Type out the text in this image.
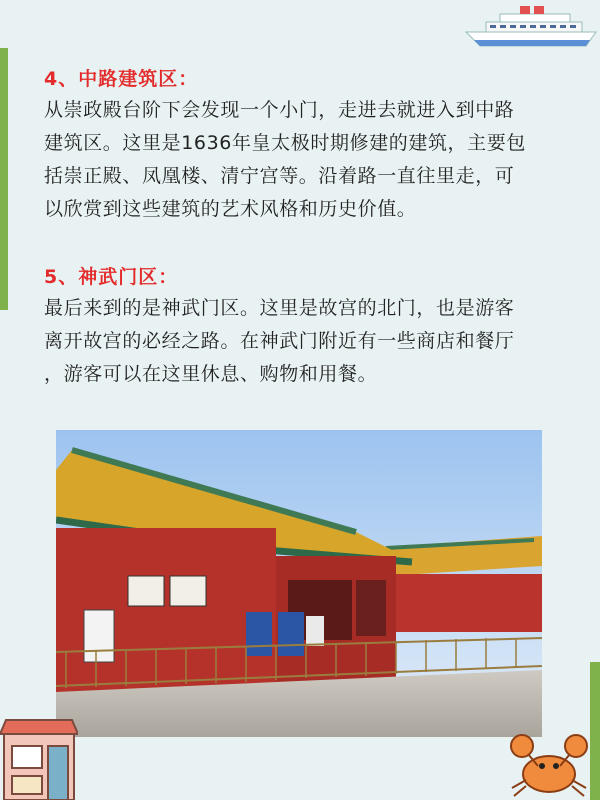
4、中路建筑区：
从崇政殿台阶下会发现一个小门，走进去就进入到中路
建筑区。这里是1636年皇太极时期修建的建筑，主要包
括崇正殿、凤凰楼、清宁宫等。沿着路一直往里走，可
以欣赏到这些建筑的艺术风格和历史价值。
5、神武门区：
最后来到的是神武门区。这里是故宫的北门，也是游客
离开故宫的必经之路。在神武门附近有一些商店和餐厅
，游客可以在这里休息、购物和用餐。
